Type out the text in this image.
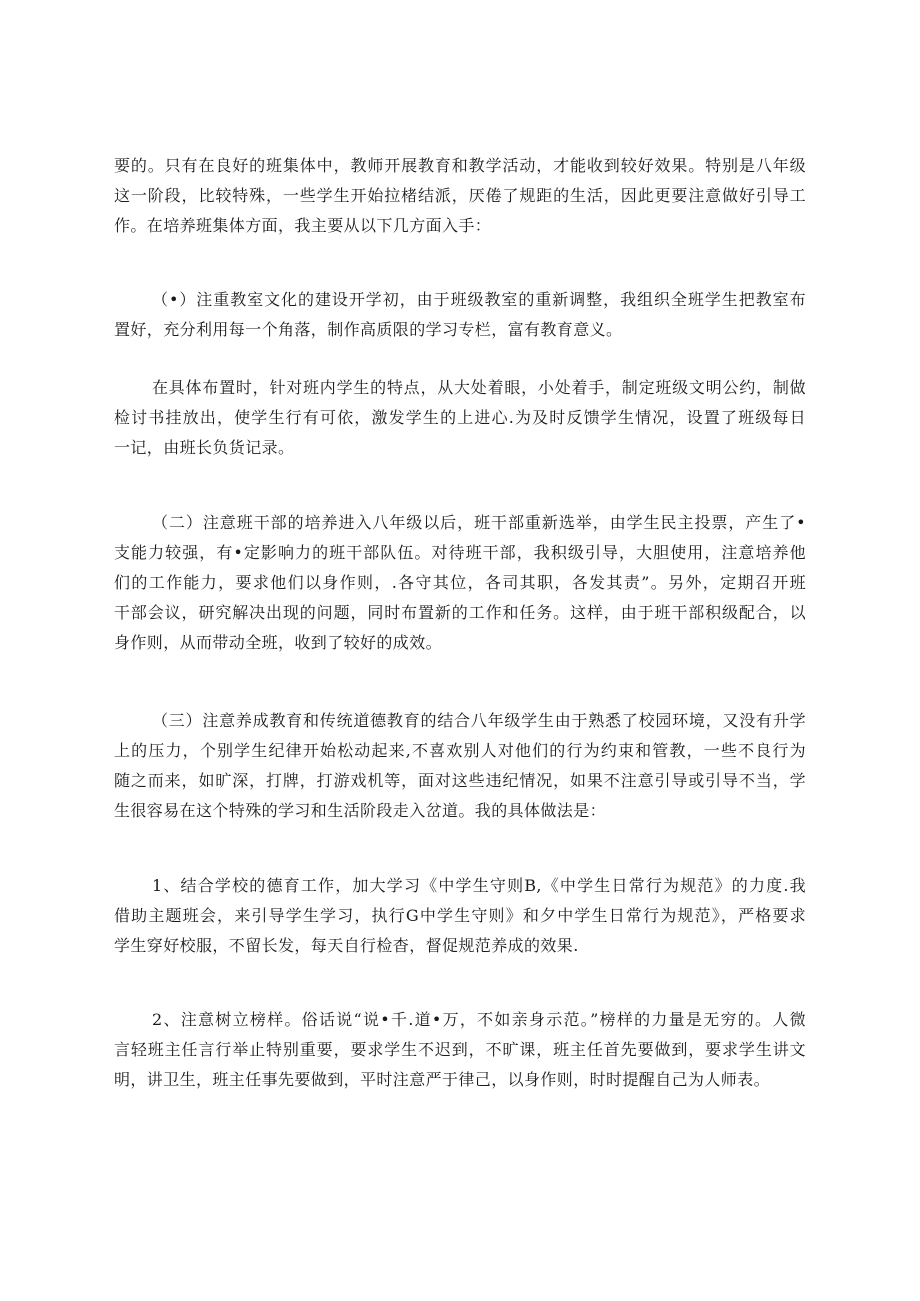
要的。只有在良好的班集体中，教师开展教育和教学活动，才能收到较好效果。特别是八年级
这一阶段，比较特殊，一些学生开始拉楮结派，厌倦了规距的生活，因此更要注意做好引导工
作。在培养班集体方面，我主要从以下几方面入手：
（•）注重教室文化的建设开学初，由于班级教室的重新调整，我组织全班学生把教室布
置好，充分利用每一个角落，制作高质限的学习专栏，富有教育意义。
在具体布置时，针对班内学生的特点，从大处着眼，小处着手，制定班级文明公约，制做
检讨书挂放出，使学生行有可依，激发学生的上进心.为及时反馈学生情况，设置了班级每日
一记，由班长负货记录。
（二）注意班干部的培养进入八年级以后，班干部重新选举，由学生民主投票，产生了•
支能力较强，有•定影响力的班干部队伍。对待班干部，我积级引导，大胆使用，注意培养他
们的工作能力，要求他们以身作则，.各守其位，各司其职，各发其责”。另外，定期召开班
干部会议，研究解决出现的问题，同时布置新的工作和任务。这样，由于班干部积级配合，以
身作则，从而带动全班，收到了较好的成效。
（三）注意养成教育和传统道德教育的结合八年级学生由于熟悉了校园环境，又没有升学
上的压力，个别学生纪律开始松动起来,不喜欢别人对他们的行为约束和管教，一些不良行为
随之而来，如旷深，打牌，打游戏机等，面对这些违纪情况，如果不注意引导或引导不当，学
生很容易在这个特殊的学习和生活阶段走入岔道。我的具体做法是：
1、结合学校的德育工作，加大学习《中学生守则B,《中学生日常行为规范》的力度.我
借助主题班会，来引导学生学习，执行G中学生守则》和夕中学生日常行为规范》，严格要求
学生穿好校服，不留长发，每天自行检杳，督促规范养成的效果.
2、注意树立榜样。俗话说“说•千.道•万，不如亲身示范。”榜样的力量是无穷的。人微
言轻班主任言行举止特别重要，要求学生不迟到，不旷课，班主任首先要做到，要求学生讲文
明，讲卫生，班主任事先要做到，平时注意严于律己，以身作则，时时提醒自己为人师表。
